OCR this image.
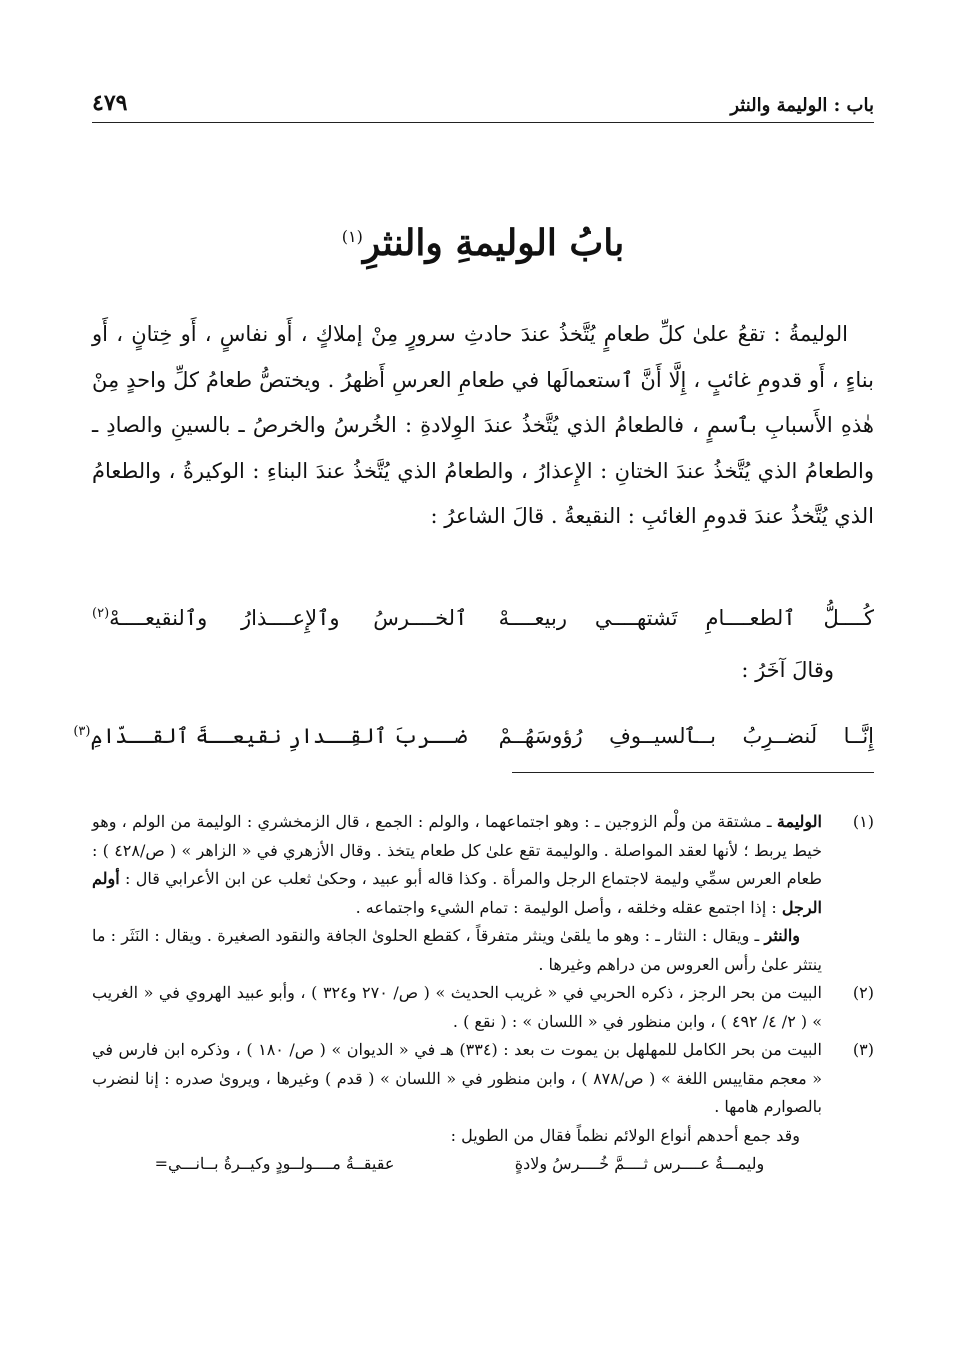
باب : الوليمة والنثر
٤٧٩
بابُ الوليمةِ والنثرِ$^{(١)}$

الوليمةُ : تقعُ علىٰ كلِّ طعامٍ يُتَّخذُ عندَ حادثِ سرورٍ مِنْ إملاكٍ ، أَو نفاسٍ ، أَو خِتانٍ ، أَو بناءٍ ، أَو قدومِ غائبٍ ، إِلَّا أَنَّ ٱستعمالَها في طعامِ العرسِ أَظهرُ . ويختصُّ طعامُ كلِّ واحدٍ مِنْ هٰذهِ الأَسبابِ بٱسمٍ ، فالطعامُ الذي يُتَّخذُ عندَ الوِلادةِ : الخُرسُ والخرصُ ـ بالسينِ والصادِ ـ والطعامُ الذي يُتَّخذُ عندَ الختانِ : الإِعذارُ ، والطعامُ الذي يُتَّخذُ عندَ البناءِ : الوكيرةُ ، والطعامُ الذي يُتَّخذُ عندَ قدومِ الغائبِ : النقيعةُ . قالَ الشاعرُ :

كُــــلُّ ٱلطعــــامِ تَشتهــــي ربيعــــهْ
ٱلخــــرسُ وٱلإِعــــذارُ وٱلنقيعــــهْ$^{(٢)}$
وقالَ آخَرُ :
إِنَّــا لَنضــرِبُ بــٱلسيــوفِ رُؤوسَهُــمْ
ضــربَ ٱلقِــدارِ نقيعــةَ ٱلقــدّامِ$^{(٣)}$
(١)

الوليمة ـ مشتقة من ولْم الزوجين ـ : وهو اجتماعهما ، والولم : الجمع ، قال الزمخشري : الوليمة من الولم ، وهو خيط يربط ؛ لأنها لعقد المواصلة . والوليمة تقع علىٰ كل طعام يتخذ . وقال الأزهري في « الزاهر » ( ص/٤٢٨ ) : طعام العرس سمِّي وليمة لاجتماع الرجل والمرأة . وكذا قاله أبو عبيد ، وحكىٰ ثعلب عن ابن الأعرابي قال : أولم الرجل : إذا اجتمع عقله وخلقه ، وأصل الوليمة : تمام الشيء واجتماعه .

والنثر ـ ويقال : النثار ـ : وهو ما يلقىٰ وينثر متفرقاً ، كقطع الحلوىٰ الجافة والنقود الصغيرة . ويقال : النَثَر : ما ينتثر علىٰ رأس العروس من دراهم وغيرها .

(٢)

البيت من بحر الرجز ، ذكره الحربي في « غريب الحديث » ( ص/ ٢٧٠ و٣٢٤ ) ، وأبو عبيد الهروي في « الغريب » ( ٢/ ٤/ ٤٩٢ ) ، وابن منظور في « اللسان » : ( نقع ) .

(٣)

البيت من بحر الكامل للمهلهل بن يموت ت بعد : (٣٣٤) هـ في « الديوان » ( ص/ ١٨٠ ) ، وذكره ابن فارس في « معجم مقاييس اللغة » ( ص/٨٧٨ ) ، وابن منظور في « اللسان » ( قدم ) وغيرها ، ويروىٰ صدره : إنا لنضرب بالصوارم هامها .

وقد جمع أحدهم أنواع الولائم نظماً فقال من الطويل :

وليمـــةُ عــــرس ثــــمَّ خُــــرسُ ولادةٍ
عقيقــةُ مــــولــودٍ وكيــرةُ بــانـــي=
